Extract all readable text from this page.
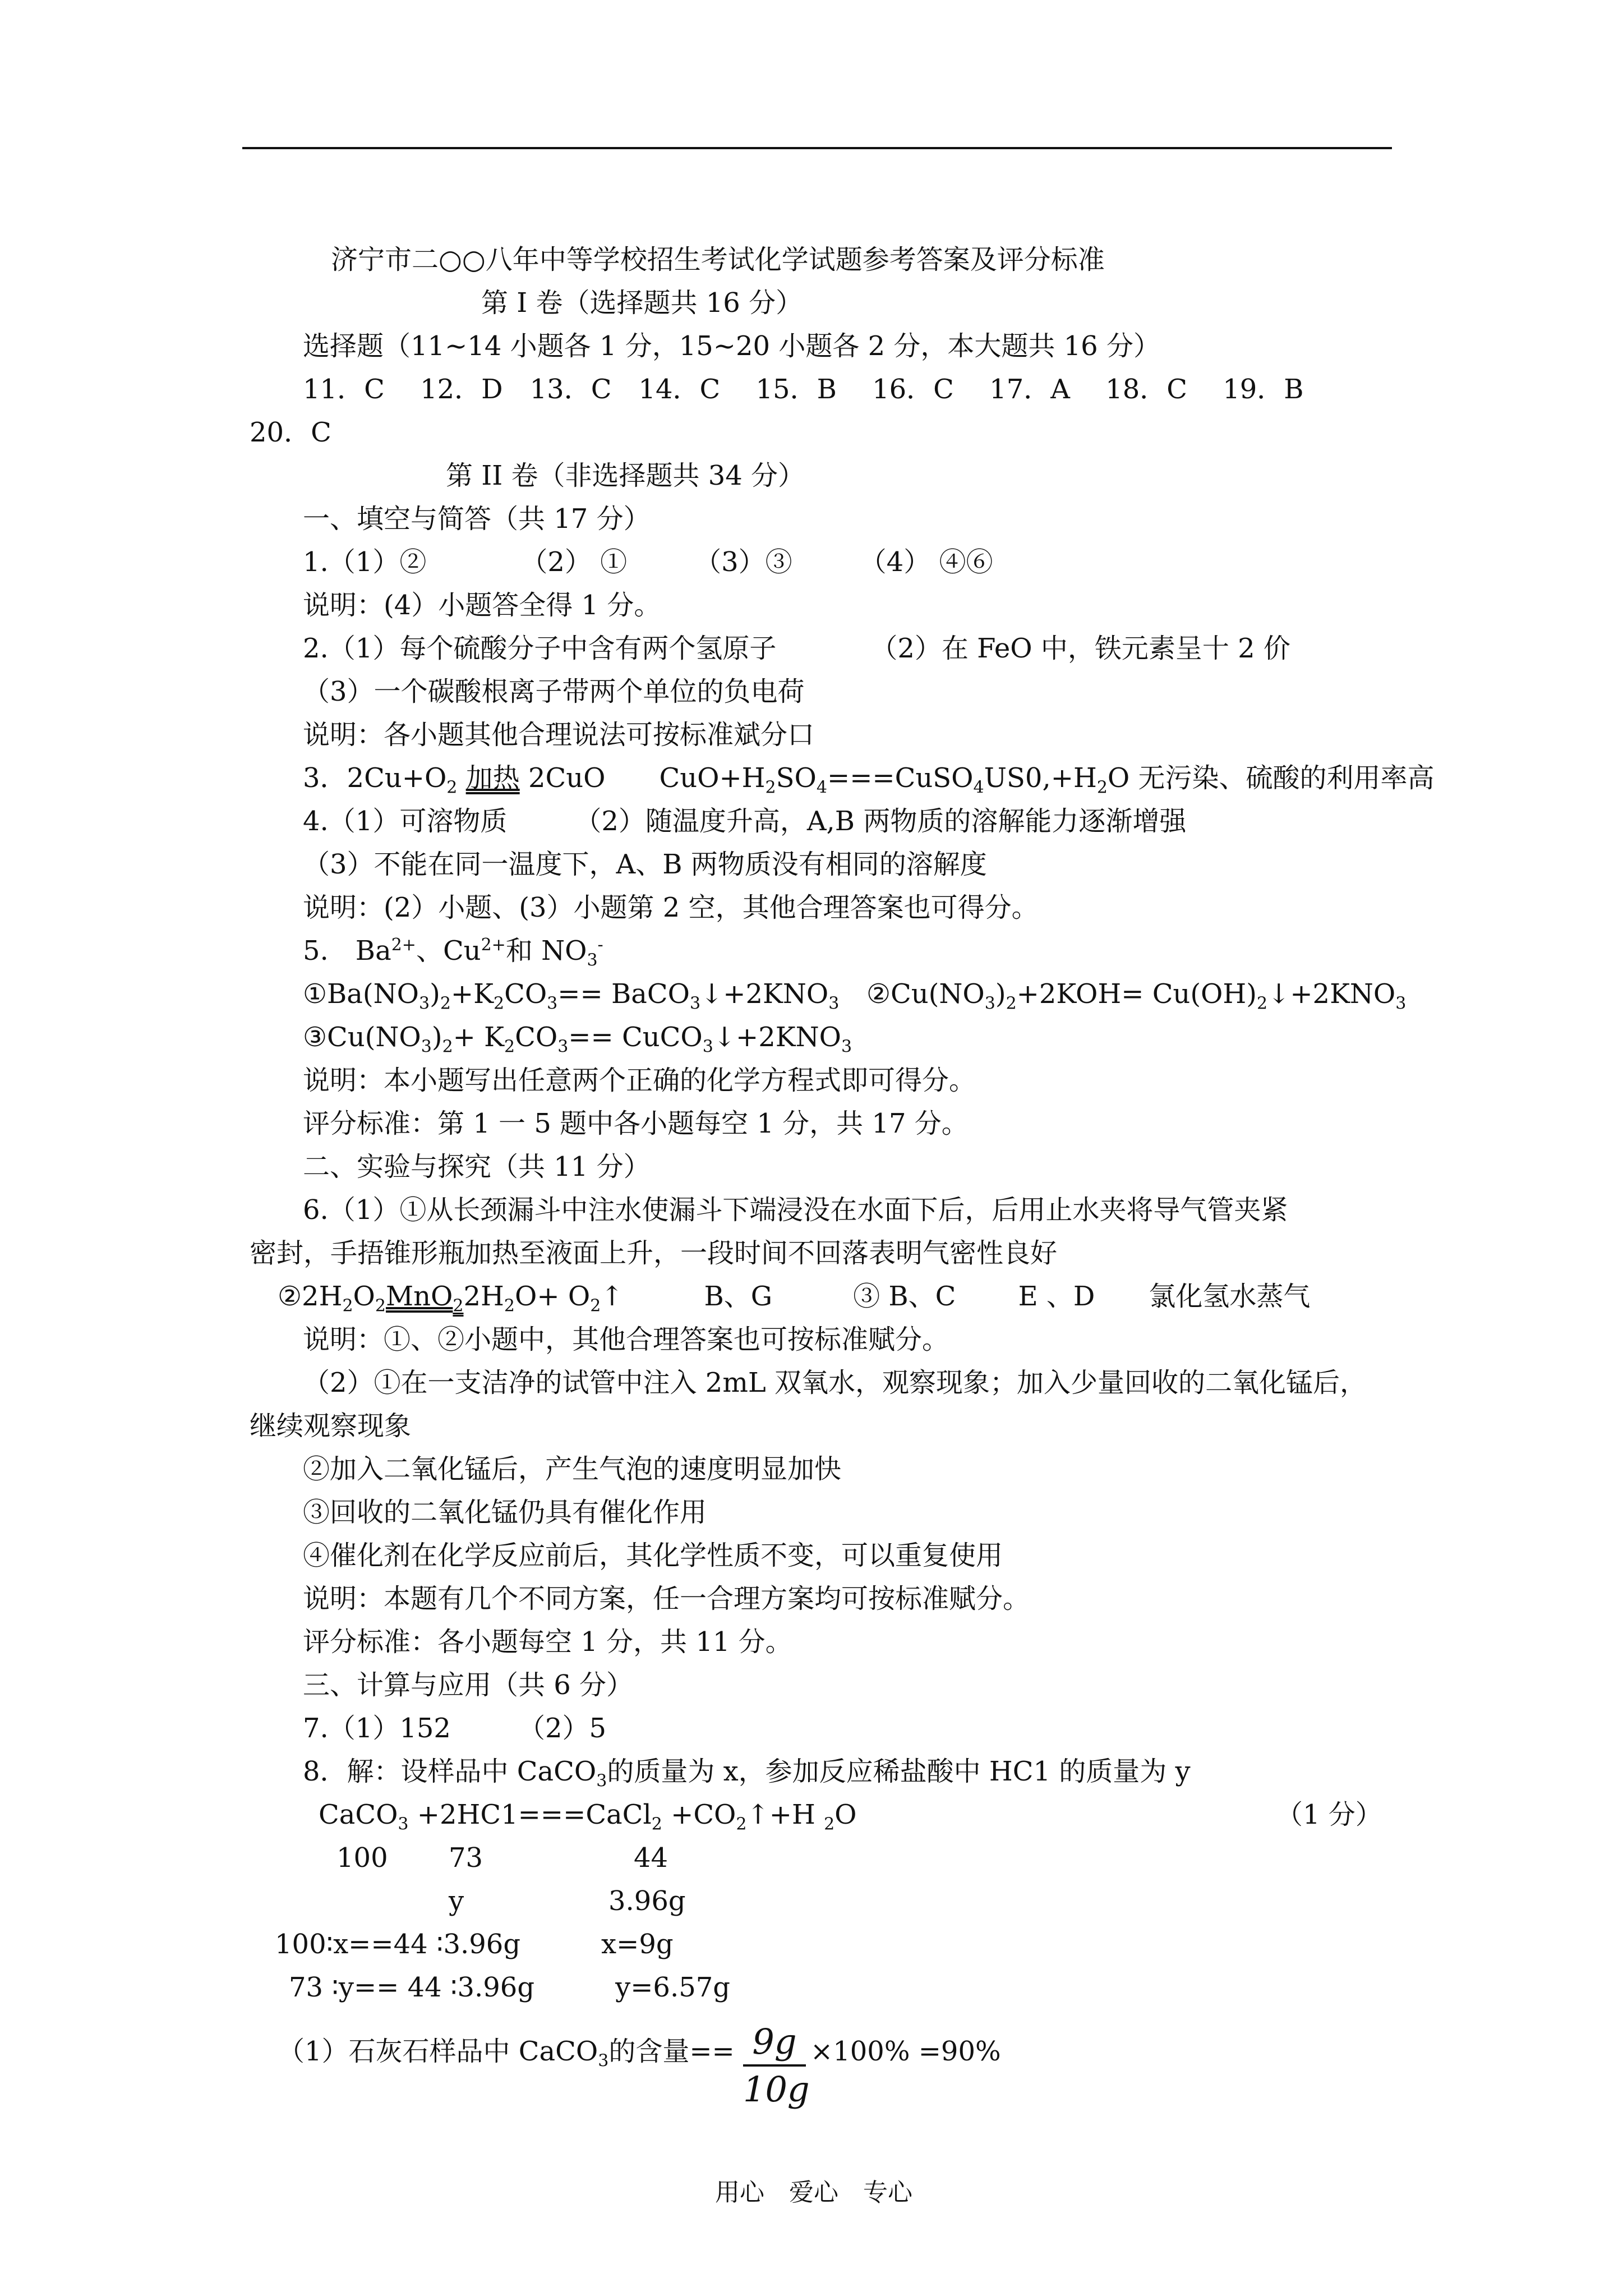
济宁市二○○八年中等学校招生考试化学试题参考答案及评分标准
第 I 卷（选择题共 16 分）
选择题（11~14 小题各 1 分，15~20 小题各 2 分，本大题共 16 分）
11．C　 12．D　13．C　14．C　 15．B　 16．C　 17．A　 18．C　 19．B
20．C
第 II 卷（非选择题共 34 分）
一、填空与简答（共 17 分）
1.（1）②　　　　（2） ①　　　（3）③　　　（4） ④⑥
说明：(4）小题答全得 1 分。
2.（1）每个硫酸分子中含有两个氢原子　　　　（2）在 FeO 中，铁元素呈十 2 价
（3）一个碳酸根离子带两个单位的负电荷
说明：各小题其他合理说法可按标准斌分口
3．$2Cu+O_2$ 加热 2CuO　　$CuO+H_2SO_4===CuSO_4US0,+H_2O$ 无污染、硫酸的利用率高
4.（1）可溶物质　　　（2）随温度升高，A,B 两物质的溶解能力逐渐增强
（3）不能在同一温度下，A、B 两物质没有相同的溶解度
说明：(2）小题、(3）小题第 2 空，其他合理答案也可得分。
5.　$Ba^{2+}$、$Cu^{2+}$和 $NO_3^-$
$①Ba(NO_3)_2+K_2CO_3==$ $BaCO_3↓+2KNO_3$ $②Cu(NO_3)_2+2KOH=$ $Cu(OH)_2↓+2KNO_3$
$③Cu(NO_3)_2+ K_2CO_3==$ $CuCO_3↓+2KNO_3$
说明：本小题写出任意两个正确的化学方程式即可得分。
评分标准：第 1 一 5 题中各小题每空 1 分，共 17 分。
二、实验与探究（共 11 分）
6.（1）①从长颈漏斗中注水使漏斗下端浸没在水面下后，后用止水夹将导气管夹紧
密封，手捂锥形瓶加热至液面上升，一段时间不回落表明气密性良好
$②2H_2O_2MnO_22H_2O+$ $O_2↑$　　　B、G　　　③ B、C　　 E 、D　　氯化氢水蒸气
说明：①、②小题中，其他合理答案也可按标准赋分。
（2）①在一支洁净的试管中注入 2mL 双氧水，观察现象；加入少量回收的二氧化锰后，
继续观察现象
②加入二氧化锰后，产生气泡的速度明显加快
③回收的二氧化锰仍具有催化作用
④催化剂在化学反应前后，其化学性质不变，可以重复使用
说明：本题有几个不同方案，任一合理方案均可按标准赋分。
评分标准：各小题每空 1 分，共 11 分。
三、计算与应用（共 6 分）
7.（1）152　　　（2）5
8．解：设样品中 CaCO$_3$的质量为 x，参加反应稀盐酸中 HC1 的质量为 y
CaCO$_3$ +2HC1===CaCl$_2$ $+CO_2↑+H$ $_2$O	（1 分）
100 73	44
y	3.96g
100∶x==44 ∶3.96g　　　x=9g
73 ∶y== 44 ∶3.96g　　　y=6.57g
（1）石灰石样品中 CaCO$_3$的含量== 9g
10g
×100% =90%
用心　爱心　专心
